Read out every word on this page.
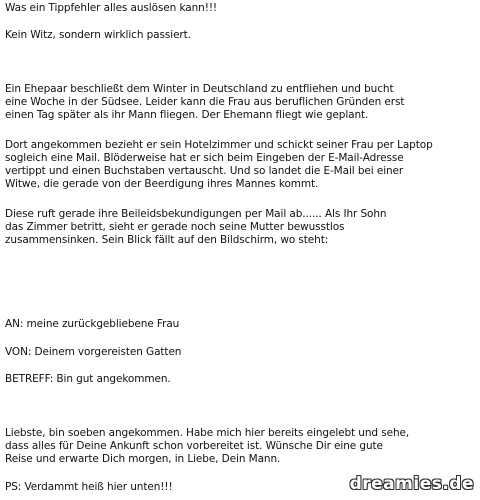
Was ein Tippfehler alles auslösen kann!!!
Kein Witz, sondern wirklich passiert.
Ein Ehepaar beschließt dem Winter in Deutschland zu entfliehen und bucht
eine Woche in der Südsee. Leider kann die Frau aus beruflichen Gründen erst
einen Tag später als ihr Mann fliegen. Der Ehemann fliegt wie geplant.
Dort angekommen bezieht er sein Hotelzimmer und schickt seiner Frau per Laptop
sogleich eine Mail. Blöderweise hat er sich beim Eingeben der E-Mail-Adresse
vertippt und einen Buchstaben vertauscht. Und so landet die E-Mail bei einer
Witwe, die gerade von der Beerdigung ihres Mannes kommt.
Diese ruft gerade ihre Beileidsbekundigungen per Mail ab...... Als Ihr Sohn
das Zimmer betritt, sieht er gerade noch seine Mutter bewusstlos
zusammensinken. Sein Blick fällt auf den Bildschirm, wo steht:
AN: meine zurückgebliebene Frau
VON: Deinem vorgereisten Gatten
BETREFF: Bin gut angekommen.
Liebste, bin soeben angekommen. Habe mich hier bereits eingelebt und sehe,
dass alles für Deine Ankunft schon vorbereitet ist. Wünsche Dir eine gute
Reise und erwarte Dich morgen, in Liebe, Dein Mann.
PS: Verdammt heiß hier unten!!!	dreamies.de
